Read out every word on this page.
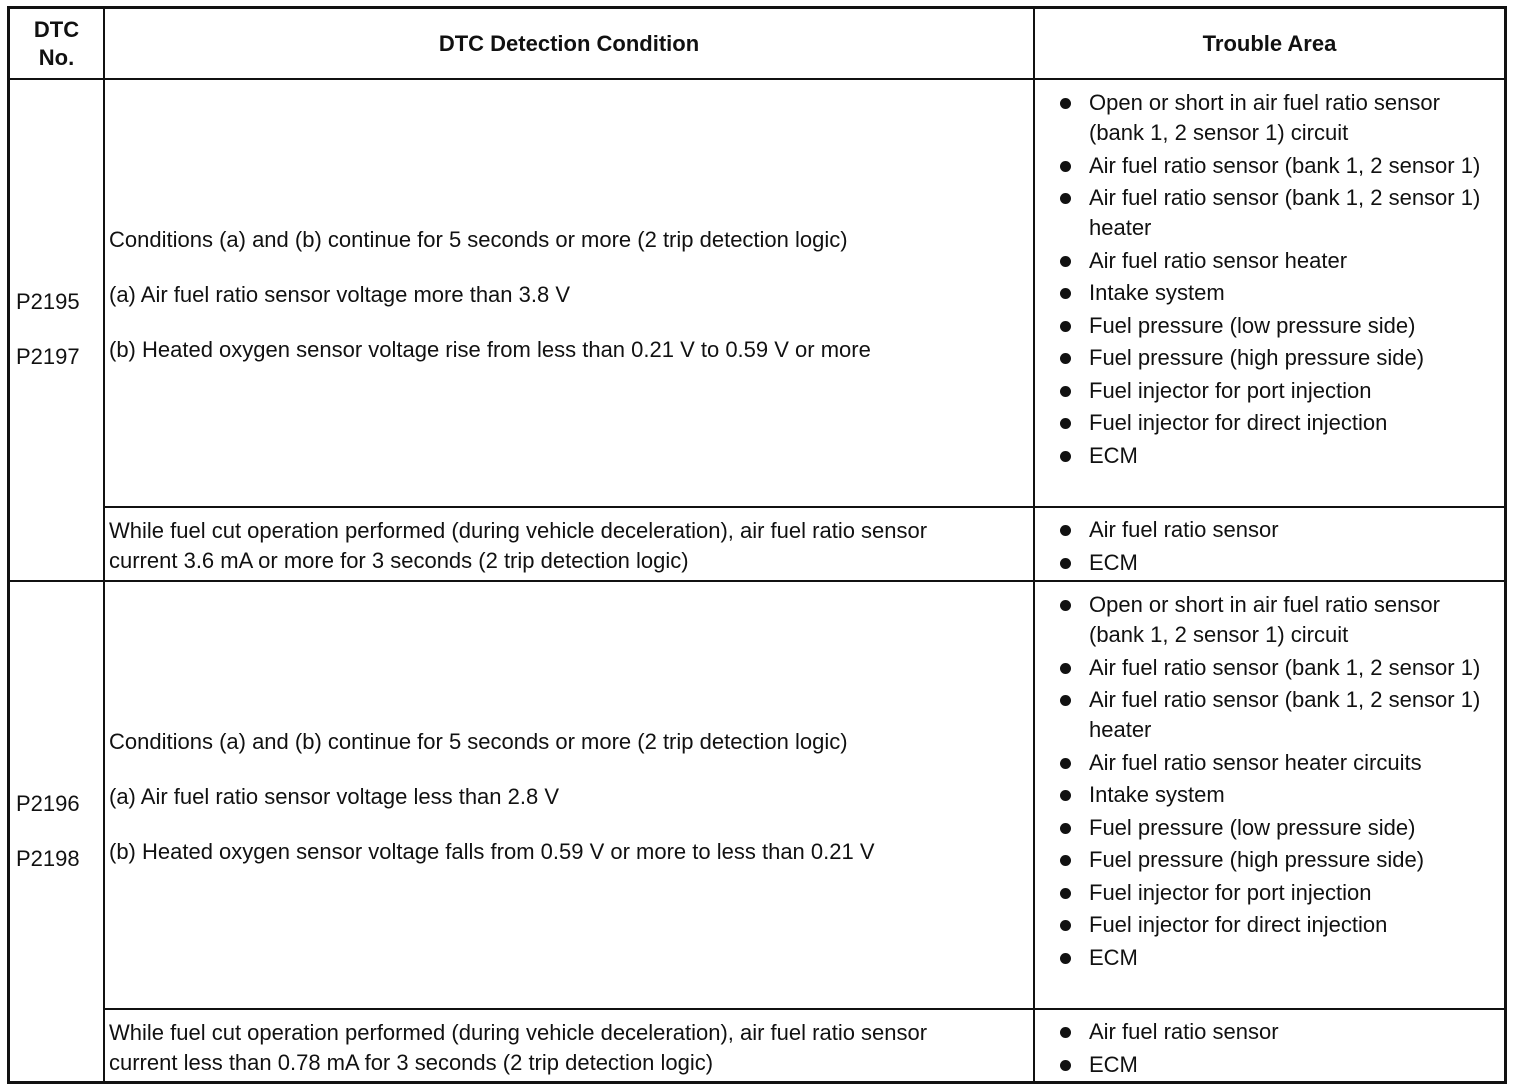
DTC
No.
DTC Detection Condition	Trouble Area
P2195
P2197

Conditions (a) and (b) continue for 5 seconds or more (2 trip detection logic)

(a) Air fuel ratio sensor voltage more than 3.8 V

(b) Heated oxygen sensor voltage rise from less than 0.21 V to 0.59 V or more

Open or short in air fuel ratio sensor (bank 1, 2 sensor 1) circuit
Air fuel ratio sensor (bank 1, 2 sensor 1)
Air fuel ratio sensor (bank 1, 2 sensor 1) heater
Air fuel ratio sensor heater
Intake system
Fuel pressure (low pressure side)
Fuel pressure (high pressure side)
Fuel injector for port injection
Fuel injector for direct injection
ECM

While fuel cut operation performed (during vehicle deceleration), air fuel ratio sensor current 3.6 mA or more for 3 seconds (2 trip detection logic)

Air fuel ratio sensor
ECM
P2196
P2198

Conditions (a) and (b) continue for 5 seconds or more (2 trip detection logic)

(a) Air fuel ratio sensor voltage less than 2.8 V

(b) Heated oxygen sensor voltage falls from 0.59 V or more to less than 0.21 V

Open or short in air fuel ratio sensor (bank 1, 2 sensor 1) circuit
Air fuel ratio sensor (bank 1, 2 sensor 1)
Air fuel ratio sensor (bank 1, 2 sensor 1) heater
Air fuel ratio sensor heater circuits
Intake system
Fuel pressure (low pressure side)
Fuel pressure (high pressure side)
Fuel injector for port injection
Fuel injector for direct injection
ECM

While fuel cut operation performed (during vehicle deceleration), air fuel ratio sensor current less than 0.78 mA for 3 seconds (2 trip detection logic)

Air fuel ratio sensor
ECM
